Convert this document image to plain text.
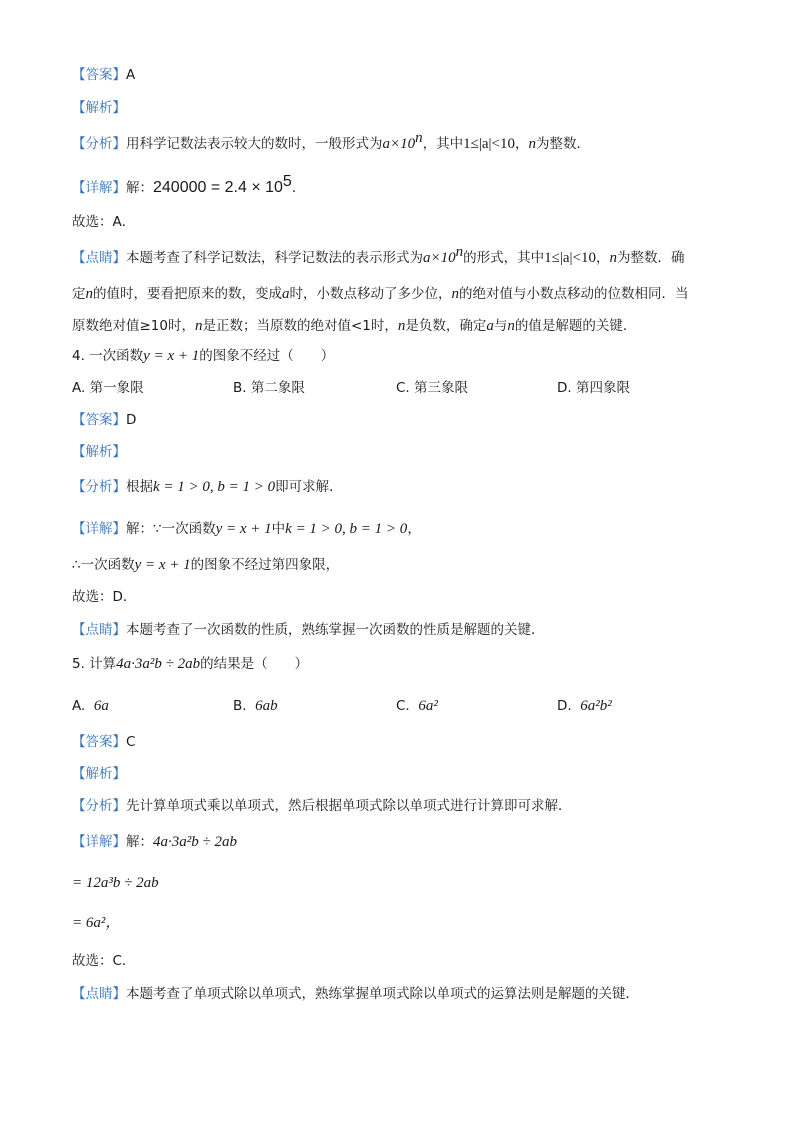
【答案】A
【解析】
【分析】用科学记数法表示较大的数时，一般形式为$a\times 10^n$，其中1≤|a|<10，n为整数．
【详解】解：$240000 = 2.4 \times 10^5$．
故选：A．
【点睛】本题考查了科学记数法，科学记数法的表示形式为$a\times 10^n$的形式，其中1≤|a|<10，n为整数．确
定n的值时，要看把原来的数，变成a时，小数点移动了多少位，n的绝对值与小数点移动的位数相同．当
原数绝对值≥10时，n是正数；当原数的绝对值<1时，n是负数，确定a与n的值是解题的关键．
4. 一次函数y = x + 1的图象不经过（　　）
A. 第一象限	B. 第二象限	C. 第三象限	D. 第四象限
【答案】D
【解析】
【分析】根据k = 1 > 0, b = 1 > 0即可求解．
【详解】解：∵一次函数y = x + 1中k = 1 > 0, b = 1 > 0，
∴一次函数y = x + 1的图象不经过第四象限，
故选：D．
【点睛】本题考查了一次函数的性质，熟练掌握一次函数的性质是解题的关键．
5. 计算4a·3a²b ÷ 2ab的结果是（　　）
A. 6a	B. 6ab	C. 6a²	D. 6a²b²
【答案】C
【解析】
【分析】先计算单项式乘以单项式，然后根据单项式除以单项式进行计算即可求解．
【详解】解：4a·3a²b ÷ 2ab
= 12a³b ÷ 2ab
= 6a²，
故选：C．
【点睛】本题考查了单项式除以单项式，熟练掌握单项式除以单项式的运算法则是解题的关键．
